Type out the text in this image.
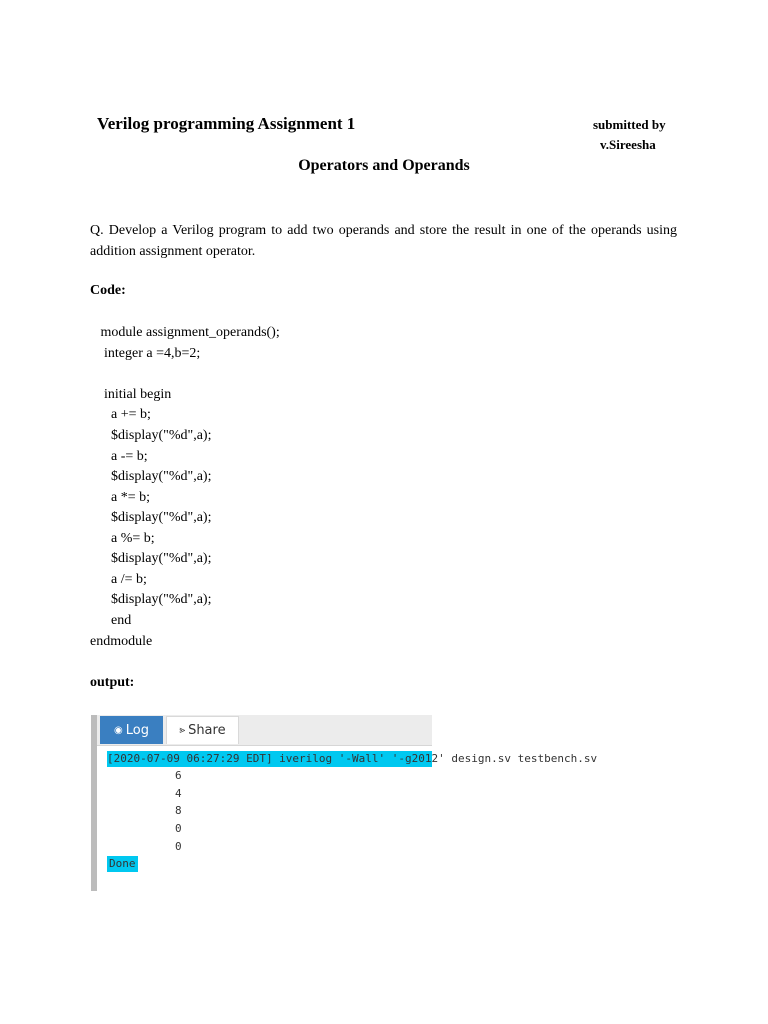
Verilog programming Assignment 1	submitted by
v.Sireesha
Operators and Operands
Q. Develop a Verilog program to add two operands and store the result in one of the operands using addition assignment operator.
Code:
module assignment_operands();
integer a =4,b=2;
initial begin
a += b;
$display("%d",a);
a -= b;
$display("%d",a);
a *= b;
$display("%d",a);
a %= b;
$display("%d",a);
a /= b;
$display("%d",a);
end
endmodule
output:
◉ Log	⪢ Share
[2020-07-09 06:27:29 EDT] iverilog '-Wall' '-g2012' design.sv testbench.sv
6
4
8
0
0
Done
